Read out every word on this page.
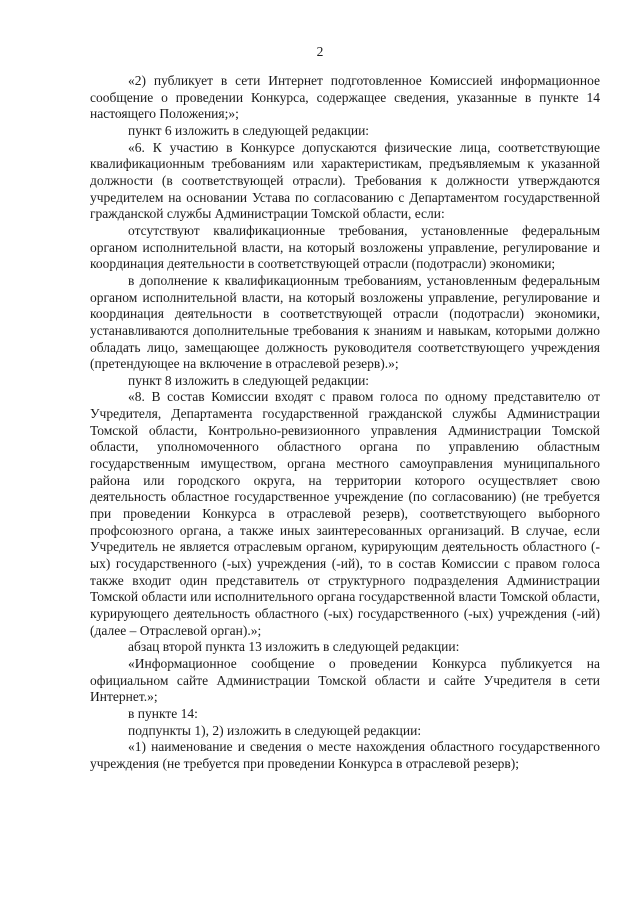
2

«2) публикует в сети Интернет подготовленное Комиссией информационное сообщение о проведении Конкурса, содержащее сведения, указанные в пункте 14 настоящего Положения;»;

пункт 6 изложить в следующей редакции:

«6. К участию в Конкурсе допускаются физические лица, соответствующие квалификационным требованиям или характеристикам, предъявляемым к указанной должности (в соответствующей отрасли). Требования к должности утверждаются учредителем на основании Устава по согласованию с Департаментом государственной гражданской службы Администрации Томской области, если:

отсутствуют квалификационные требования, установленные федеральным органом исполнительной власти, на который возложены управление, регулирование и координация деятельности в соответствующей отрасли (подотрасли) экономики;

в дополнение к квалификационным требованиям, установленным федеральным органом исполнительной власти, на который возложены управление, регулирование и координация деятельности в соответствующей отрасли (подотрасли) экономики, устанавливаются дополнительные требования к знаниям и навыкам, которыми должно обладать лицо, замещающее должность руководителя соответствующего учреждения (претендующее на включение в отраслевой резерв).»;

пункт 8 изложить в следующей редакции:

«8. В состав Комиссии входят с правом голоса по одному представителю от Учредителя, Департамента государственной гражданской службы Администрации Томской области, Контрольно-ревизионного управления Администрации Томской области, уполномоченного областного органа по управлению областным государственным имуществом, органа местного самоуправления муниципального района или городского округа, на территории которого осуществляет свою деятельность областное государственное учреждение (по согласованию) (не требуется при проведении Конкурса в отраслевой резерв), соответствующего выборного профсоюзного органа, а также иных заинтересованных организаций. В случае, если Учредитель не является отраслевым органом, курирующим деятельность областного (-ых) государственного (-ых) учреждения (-ий), то в состав Комиссии с правом голоса также входит один представитель от структурного подразделения Администрации Томской области или исполнительного органа государственной власти Томской области, курирующего деятельность областного (-ых) государственного (-ых) учреждения (-ий) (далее – Отраслевой орган).»;

абзац второй пункта 13 изложить в следующей редакции:

«Информационное сообщение о проведении Конкурса публикуется на официальном сайте Администрации Томской области и сайте Учредителя в сети Интернет.»;

в пункте 14:

подпункты 1), 2) изложить в следующей редакции:

«1) наименование и сведения о месте нахождения областного государственного учреждения (не требуется при проведении Конкурса в отраслевой резерв);
